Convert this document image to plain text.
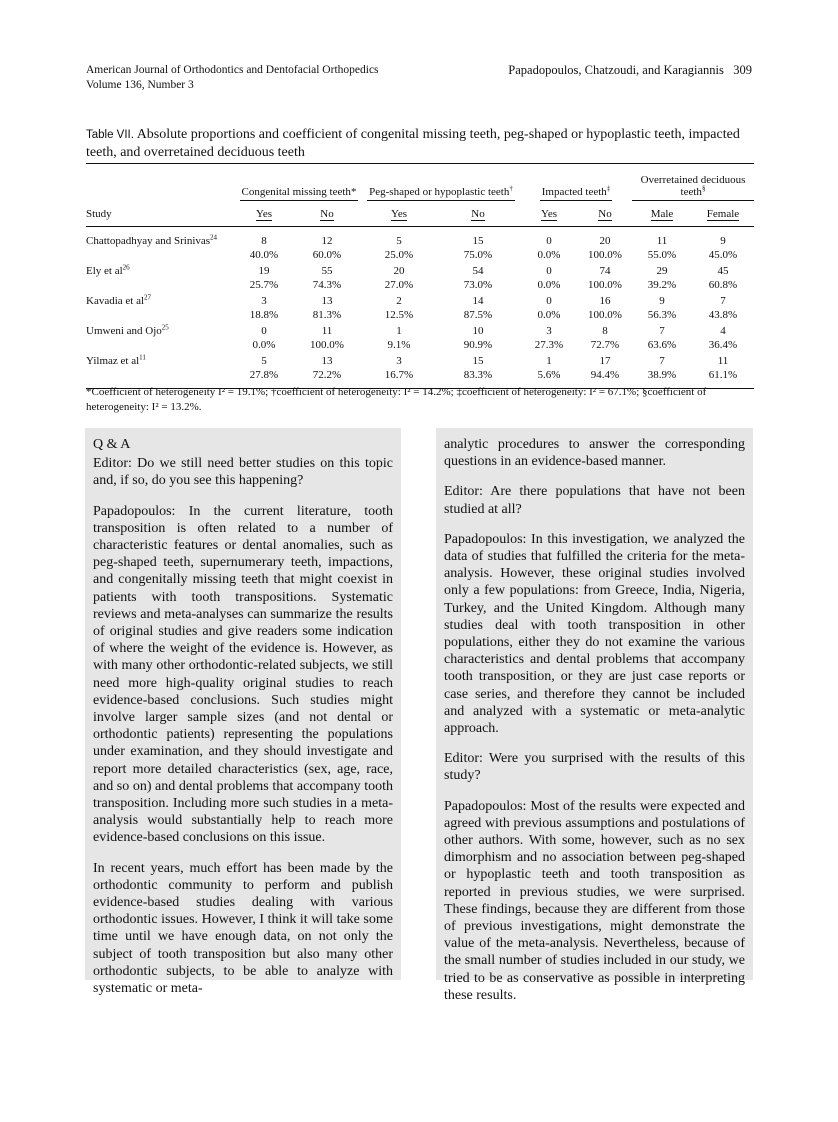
American Journal of Orthodontics and Dentofacial Orthopedics
Volume 136, Number 3
Papadopoulos, Chatzoudi, and Karagiannis 309
Table VII. Absolute proportions and coefficient of congenital missing teeth, peg-shaped or hypoplastic teeth, impacted teeth, and overretained deciduous teeth
	Congenital missing teeth*		Peg-shaped or hypoplastic teeth†		Impacted teeth‡		Overretained deciduous teeth§
Study	Yes	No	Yes	No	Yes	No	Male	Female
Chattopadhyay and Srinivas$^{24}$	8	12	5	15	0	20	11	9
	40.0%	60.0%	25.0%	75.0%	0.0%	100.0%	55.0%	45.0%
Ely et $al^{26}$	19	55	20	54	0	74	29	45
	25.7%	74.3%	27.0%	73.0%	0.0%	100.0%	39.2%	60.8%
Kavadia et $al^{27}$	3	13	2	14	0	16	9	7
	18.8%	81.3%	12.5%	87.5%	0.0%	100.0%	56.3%	43.8%
Umweni and Ojo$^{25}$	0	11	1	10	3	8	7	4
	0.0%	100.0%	9.1%	90.9%	27.3%	72.7%	63.6%	36.4%
Yilmaz et $al^{11}$	5	13	3	15	1	17	7	11
	27.8%	72.2%	16.7%	83.3%	5.6%	94.4%	38.9%	61.1%
*Coefficient of heterogeneity I² = 19.1%; †coefficient of heterogeneity: I² = 14.2%; ‡coefficient of heterogeneity: I² = 67.1%; §coefficient of heterogeneity: I² = 13.2%.

Q & A

Editor: Do we still need better studies on this topic and, if so, do you see this happening?

Papadopoulos: In the current literature, tooth transposition is often related to a number of characteristic features or dental anomalies, such as peg-shaped teeth, supernumerary teeth, impactions, and congenitally missing teeth that might coexist in patients with tooth transpositions. Systematic reviews and meta-analyses can summarize the results of original studies and give readers some indication of where the weight of the evidence is. However, as with many other orthodontic-related subjects, we still need more high-quality original studies to reach evidence-based conclusions. Such studies might involve larger sample sizes (and not dental or orthodontic patients) representing the populations under examination, and they should investigate and report more detailed characteristics (sex, age, race, and so on) and dental problems that accompany tooth transposition. Including more such studies in a meta-analysis would substantially help to reach more evidence-based conclusions on this issue.

In recent years, much effort has been made by the orthodontic community to perform and publish evidence-based studies dealing with various orthodontic issues. However, I think it will take some time until we have enough data, on not only the subject of tooth transposition but also many other orthodontic subjects, to be able to analyze with systematic or meta-

analytic procedures to answer the corresponding questions in an evidence-based manner.

Editor: Are there populations that have not been studied at all?

Papadopoulos: In this investigation, we analyzed the data of studies that fulfilled the criteria for the meta-analysis. However, these original studies involved only a few populations: from Greece, India, Nigeria, Turkey, and the United Kingdom. Although many studies deal with tooth transposition in other populations, either they do not examine the various characteristics and dental problems that accompany tooth transposition, or they are just case reports or case series, and therefore they cannot be included and analyzed with a systematic or meta-analytic approach.

Editor: Were you surprised with the results of this study?

Papadopoulos: Most of the results were expected and agreed with previous assumptions and postulations of other authors. With some, however, such as no sex dimorphism and no association between peg-shaped or hypoplastic teeth and tooth transposition as reported in previous studies, we were surprised. These findings, because they are different from those of previous investigations, might demonstrate the value of the meta-analysis. Nevertheless, because of the small number of studies included in our study, we tried to be as conservative as possible in interpreting these results.
